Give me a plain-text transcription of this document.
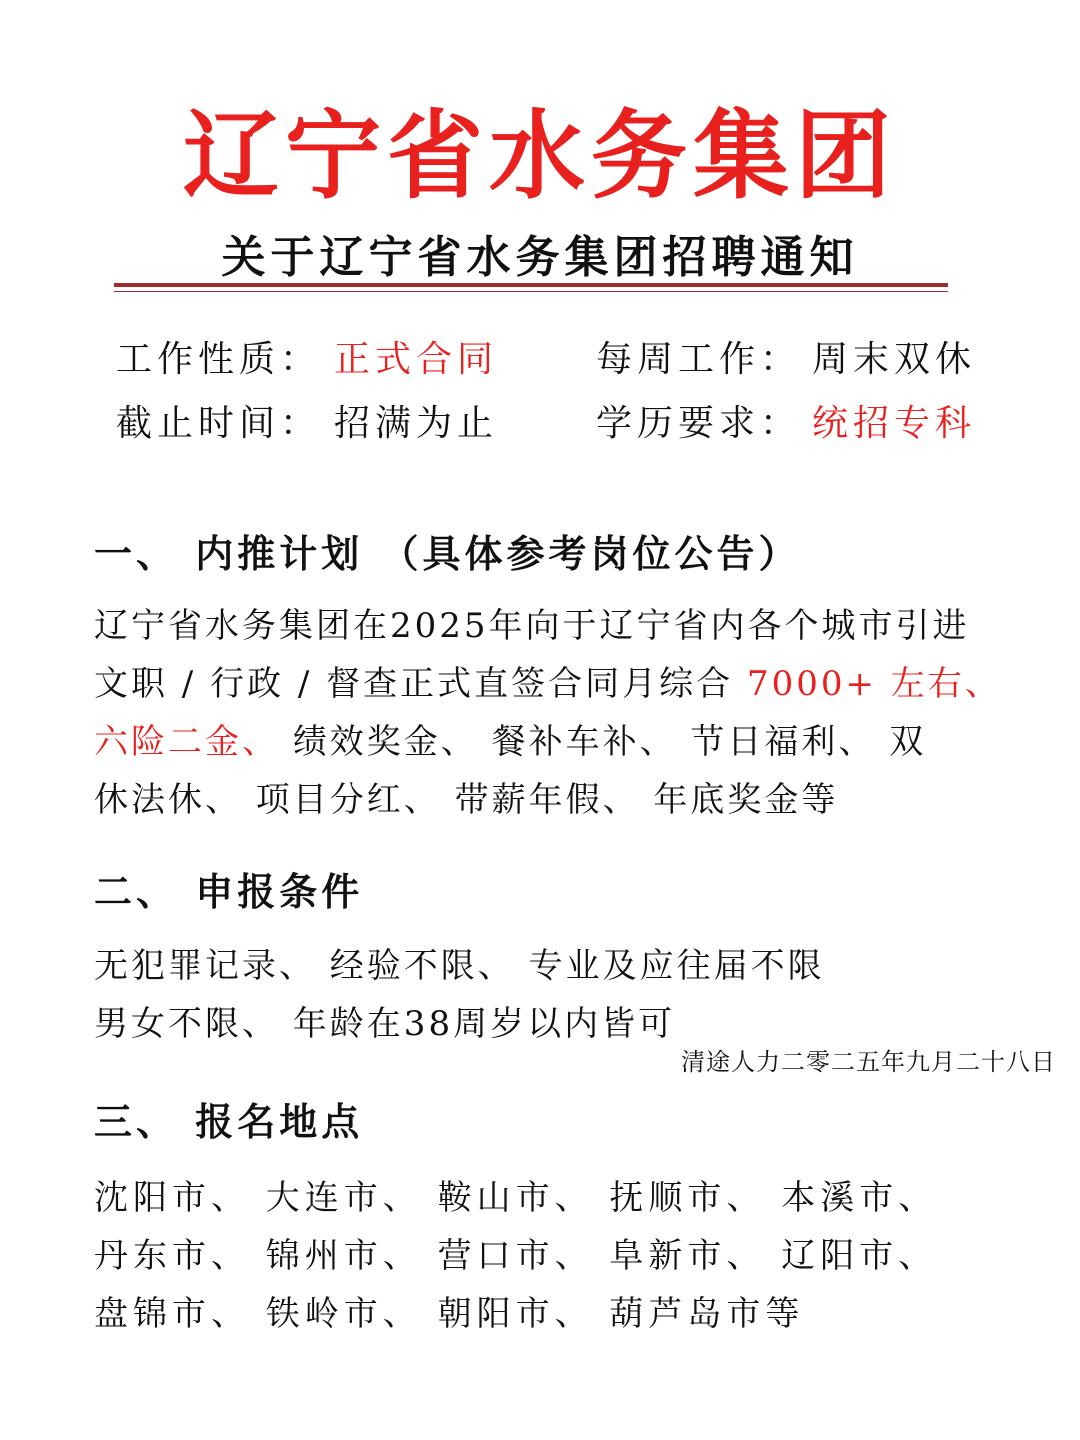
辽宁省水务集团
关于辽宁省水务集团招聘通知
工作性质： 正式合同	每周工作： 周末双休
截止时间： 招满为止	学历要求： 统招专科
一、 内推计划 （具体参考岗位公告）
辽宁省水务集团在2025年向于辽宁省内各个城市引进
文职 / 行政 / 督查正式直签合同月综合 7000+ 左右、
六险二金、 绩效奖金、 餐补车补、 节日福利、 双
休法休、 项目分红、 带薪年假、 年底奖金等
二、 申报条件
无犯罪记录、 经验不限、 专业及应往届不限
男女不限、 年龄在38周岁以内皆可
三、 报名地点
沈阳市、 大连市、 鞍山市、 抚顺市、 本溪市、
丹东市、 锦州市、 营口市、 阜新市、 辽阳市、
盘锦市、 铁岭市、 朝阳市、 葫芦岛市等
清途人力二零二五年九月二十八日
